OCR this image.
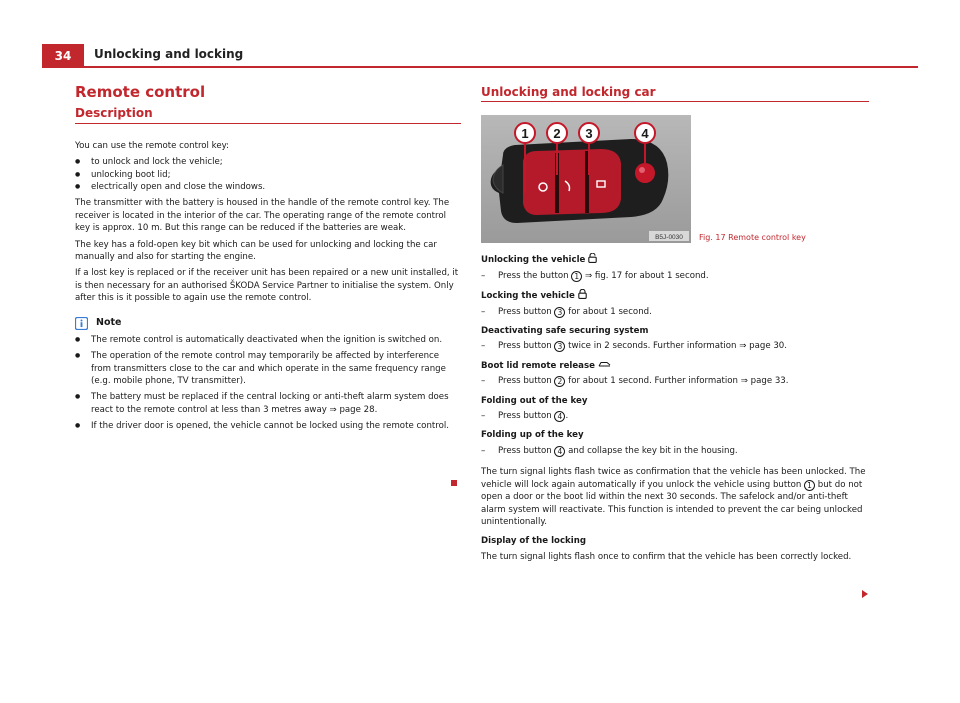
34	Unlocking and locking
Remote control
Description
You can use the remote control key:
● to unlock and lock the vehicle;
● unlocking boot lid;
● electrically open and close the windows.
The transmitter with the battery is housed in the handle of the remote control key. The receiver is located in the interior of the car. The operating range of the remote control key is approx. 10 m. But this range can be reduced if the batteries are weak.
The key has a fold-open key bit which can be used for unlocking and locking the car manually and also for starting the engine.
If a lost key is replaced or if the receiver unit has been repaired or a new unit installed, it is then necessary for an authorised ŠKODA Service Partner to initialise the system. Only after this is it possible to again use the remote control.
Note
● The remote control is automatically deactivated when the ignition is switched on.
● The operation of the remote control may temporarily be affected by interference from transmitters close to the car and which operate in the same frequency range (e.g. mobile phone, TV transmitter).
● The battery must be replaced if the central locking or anti-theft alarm system does react to the remote control at less than 3 metres away ⇒ page 28.
● If the driver door is opened, the vehicle cannot be locked using the remote control.
Unlocking and locking car
1 2 3	4
B5J-0030 Fig. 17 Remote control key
Unlocking the vehicle
– Press the button 1 ⇒ fig. 17 for about 1 second.
Locking the vehicle
– Press button 3 for about 1 second.
Deactivating safe securing system
– Press button 3 twice in 2 seconds. Further information ⇒ page 30.
Boot lid remote release
– Press button 2 for about 1 second. Further information ⇒ page 33.
Folding out of the key
– Press button 4 .
Folding up of the key
– Press button 4 and collapse the key bit in the housing.
The turn signal lights flash twice as confirmation that the vehicle has been unlocked. The vehicle will lock again automatically if you unlock the vehicle using button 1 but do not open a door or the boot lid within the next 30 seconds. The safelock and/or anti-theft alarm system will reactivate. This function is intended to prevent the car being unlocked unintentionally.
Display of the locking
The turn signal lights flash once to confirm that the vehicle has been correctly locked.
